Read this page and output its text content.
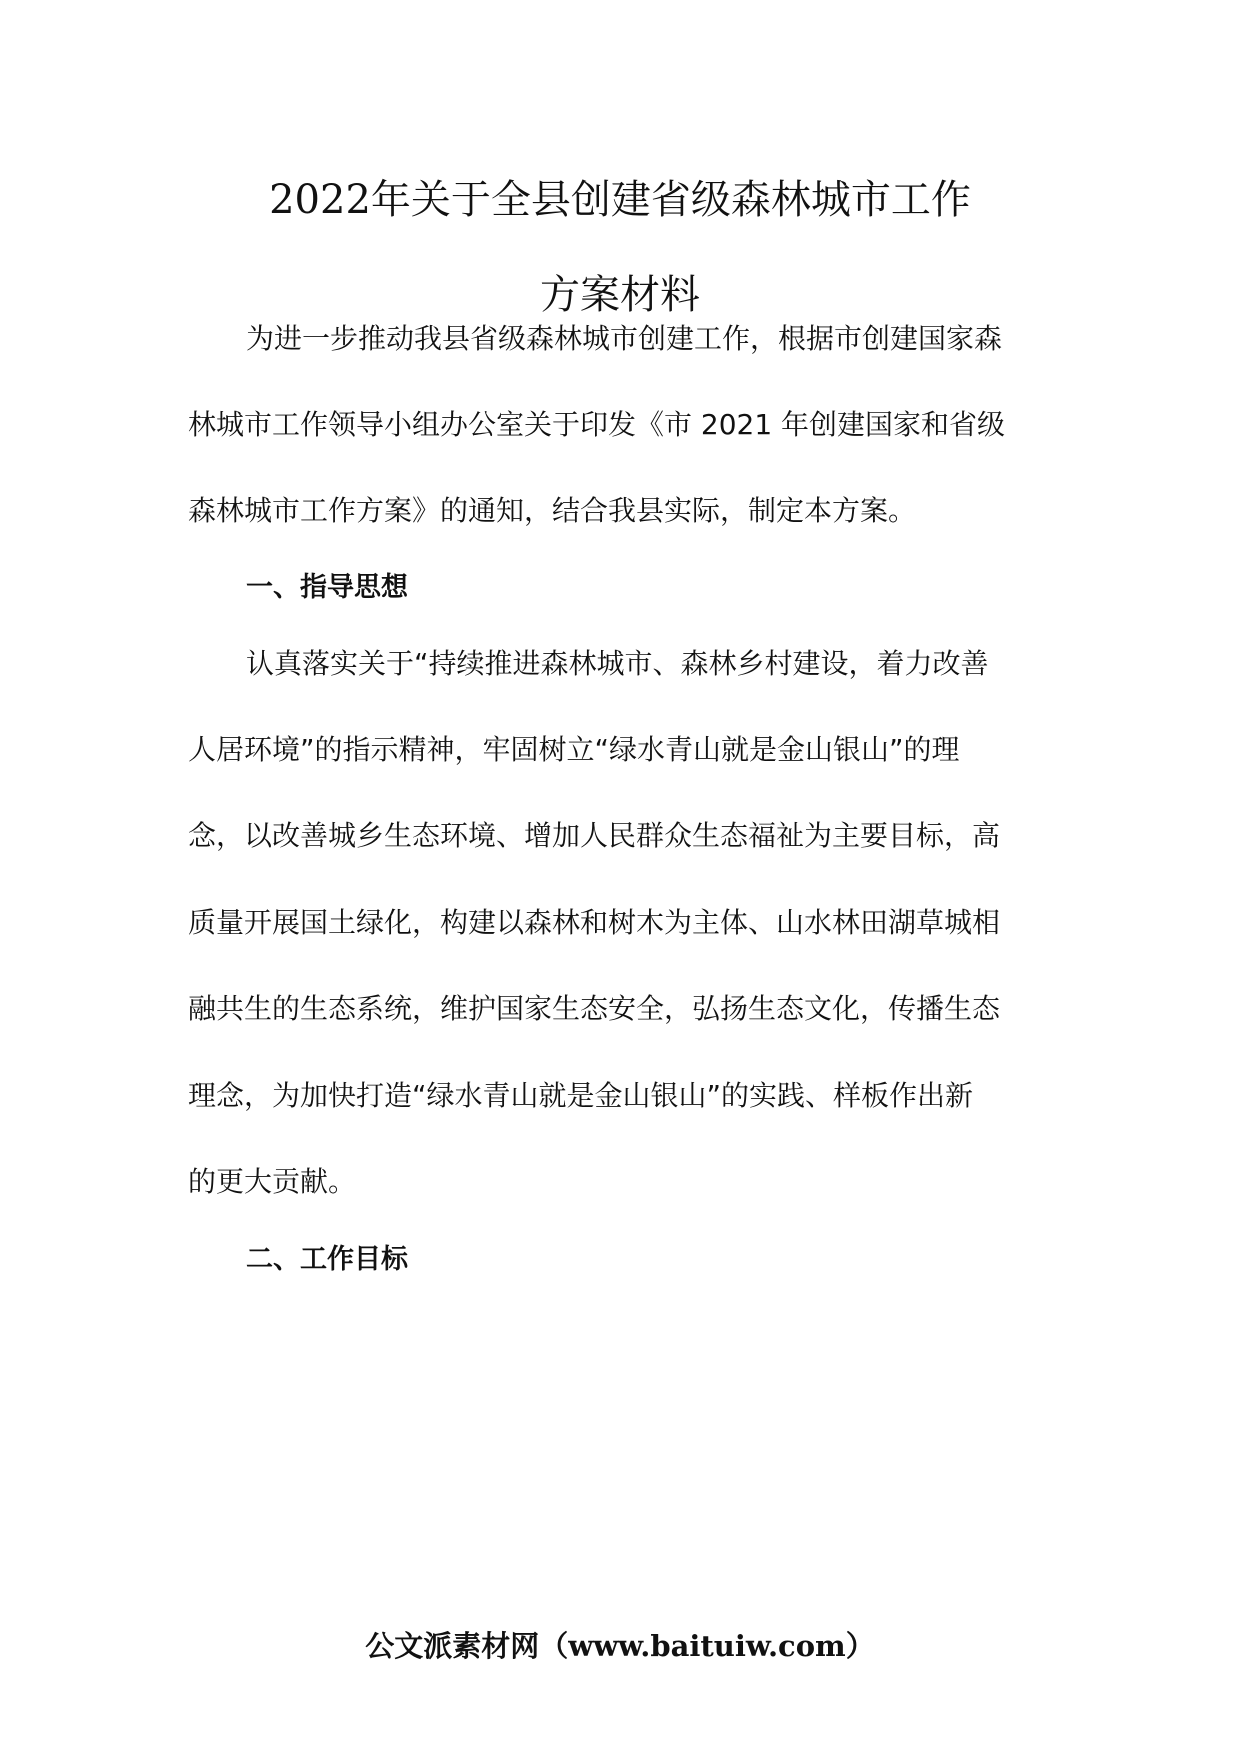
2022年关于全县创建省级森林城市工作
方案材料

为进一步推动我县省级森林城市创建工作，根据市创建国家森

林城市工作领导小组办公室关于印发《市 2021 年创建国家和省级

森林城市工作方案》的通知，结合我县实际，制定本方案。

一、指导思想

认真落实关于“持续推进森林城市、森林乡村建设，着力改善

人居环境”的指示精神，牢固树立“绿水青山就是金山银山”的理

念，以改善城乡生态环境、增加人民群众生态福祉为主要目标，高

质量开展国土绿化，构建以森林和树木为主体、山水林田湖草城相

融共生的生态系统，维护国家生态安全，弘扬生态文化，传播生态

理念，为加快打造“绿水青山就是金山银山”的实践、样板作出新

的更大贡献。

二、工作目标
公文派素材网（www.baituiw.com）
